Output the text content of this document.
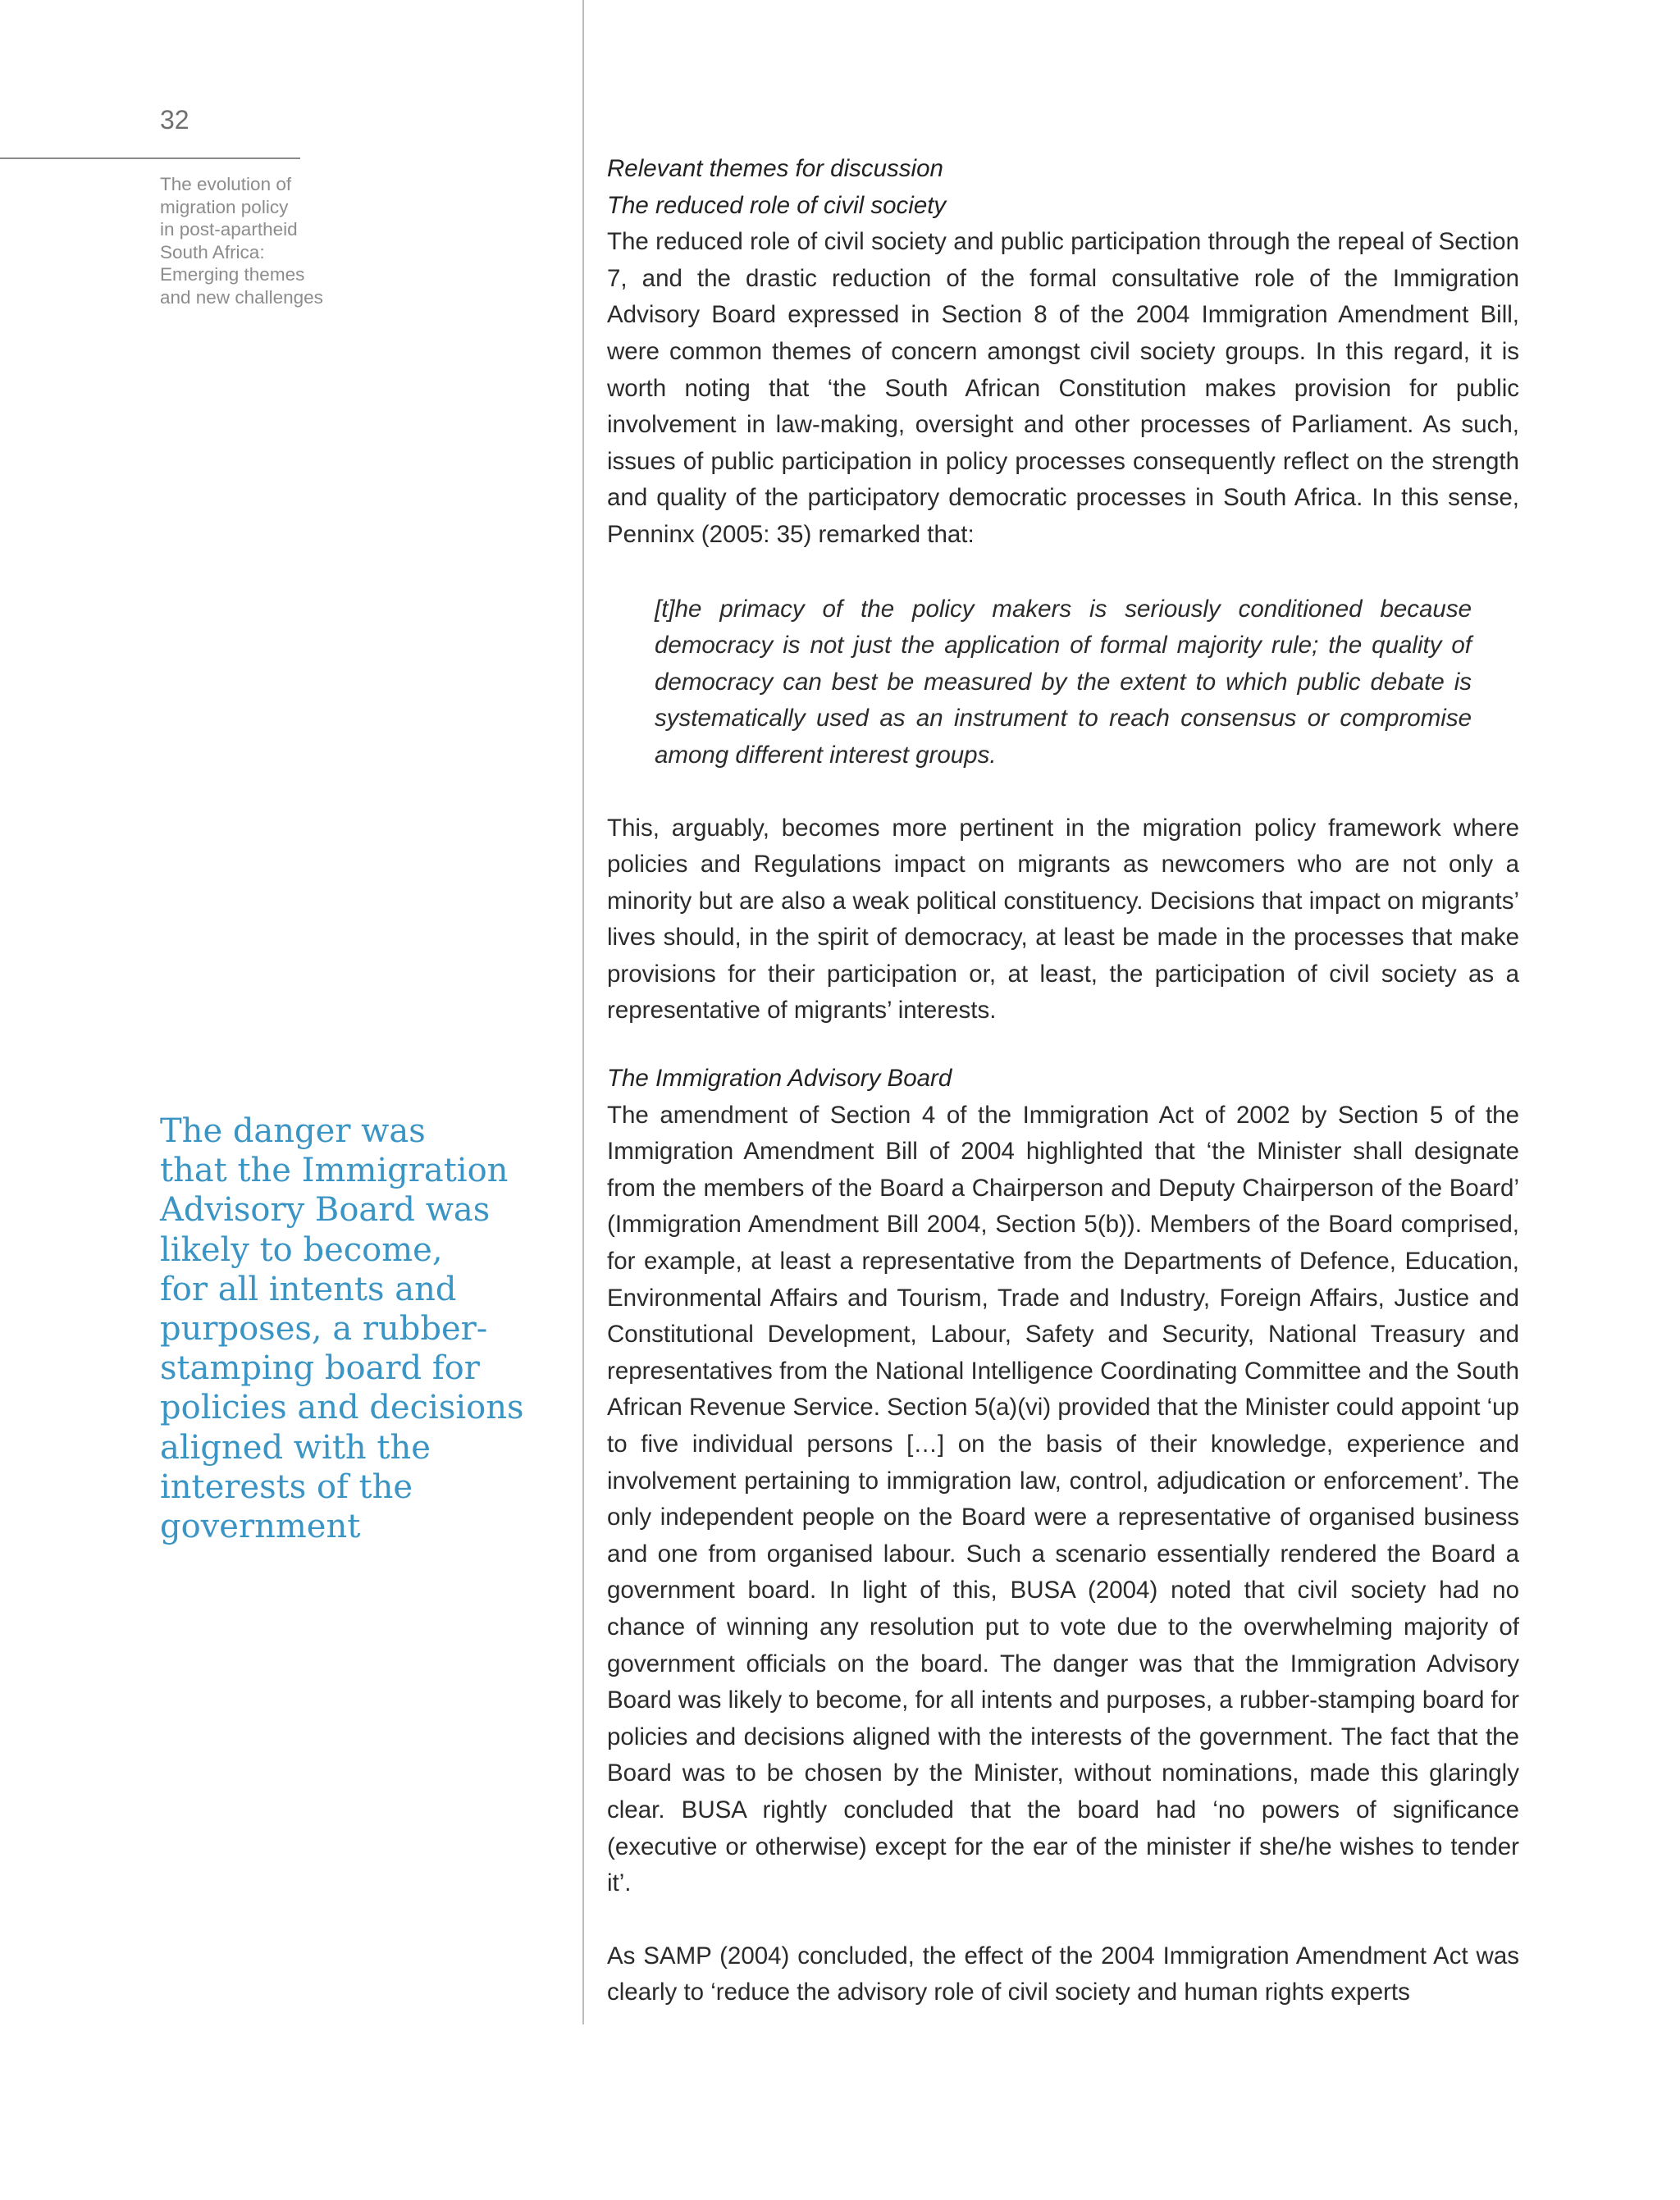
32
The evolution of
migration policy
in post-apartheid
South Africa:
Emerging themes
and new challenges
The danger was
that the Immigration
Advisory Board was
likely to become,
for all intents and
purposes, a rubber-
stamping board for
policies and decisions
aligned with the
interests of the
government

Relevant themes for discussion

The reduced role of civil society

The reduced role of civil society and public participation through the repeal of Section 7, and the drastic reduction of the formal consultative role of the Immigration Advisory Board expressed in Section 8 of the 2004 Immigration Amendment Bill, were common themes of concern amongst civil society groups. In this regard, it is worth noting that ‘the South African Constitution makes provision for public involvement in law-making, oversight and other processes of Parliament. As such, issues of public participation in policy processes consequently reflect on the strength and quality of the participatory democratic processes in South Africa. In this sense, Penninx (2005: 35) remarked that:

[t]he primacy of the policy makers is seriously conditioned because democracy is not just the application of formal majority rule; the quality of democracy can best be measured by the extent to which public debate is systematically used as an instrument to reach consensus or compromise among different interest groups.

This, arguably, becomes more pertinent in the migration policy framework where policies and Regulations impact on migrants as newcomers who are not only a minority but are also a weak political constituency. Decisions that impact on migrants’ lives should, in the spirit of democracy, at least be made in the processes that make provisions for their participation or, at least, the participation of civil society as a representative of migrants’ interests.

The Immigration Advisory Board

The amendment of Section 4 of the Immigration Act of 2002 by Section 5 of the Immigration Amendment Bill of 2004 highlighted that ‘the Minister shall designate from the members of the Board a Chairperson and Deputy Chairperson of the Board’ (Immigration Amendment Bill 2004, Section 5(b)). Members of the Board comprised, for example, at least a representative from the Departments of Defence, Education, Environmental Affairs and Tourism, Trade and Industry, Foreign Affairs, Justice and Constitutional Development, Labour, Safety and Security, National Treasury and representatives from the National Intelligence Coordinating Committee and the South African Revenue Service. Section 5(a)(vi) provided that the Minister could appoint ‘up to five individual persons […] on the basis of their knowledge, experience and involvement pertaining to immigration law, control, adjudication or enforcement’. The only independent people on the Board were a representative of organised business and one from organised labour. Such a scenario essentially rendered the Board a government board. In light of this, BUSA (2004) noted that civil society had no chance of winning any resolution put to vote due to the overwhelming majority of government officials on the board. The danger was that the Immigration Advisory Board was likely to become, for all intents and purposes, a rubber-stamping board for policies and decisions aligned with the interests of the government. The fact that the Board was to be chosen by the Minister, without nominations, made this glaringly clear. BUSA rightly concluded that the board had ‘no powers of significance (executive or otherwise) except for the ear of the minister if she/he wishes to tender it’.

As SAMP (2004) concluded, the effect of the 2004 Immigration Amendment Act was clearly to ‘reduce the advisory role of civil society and human rights experts
